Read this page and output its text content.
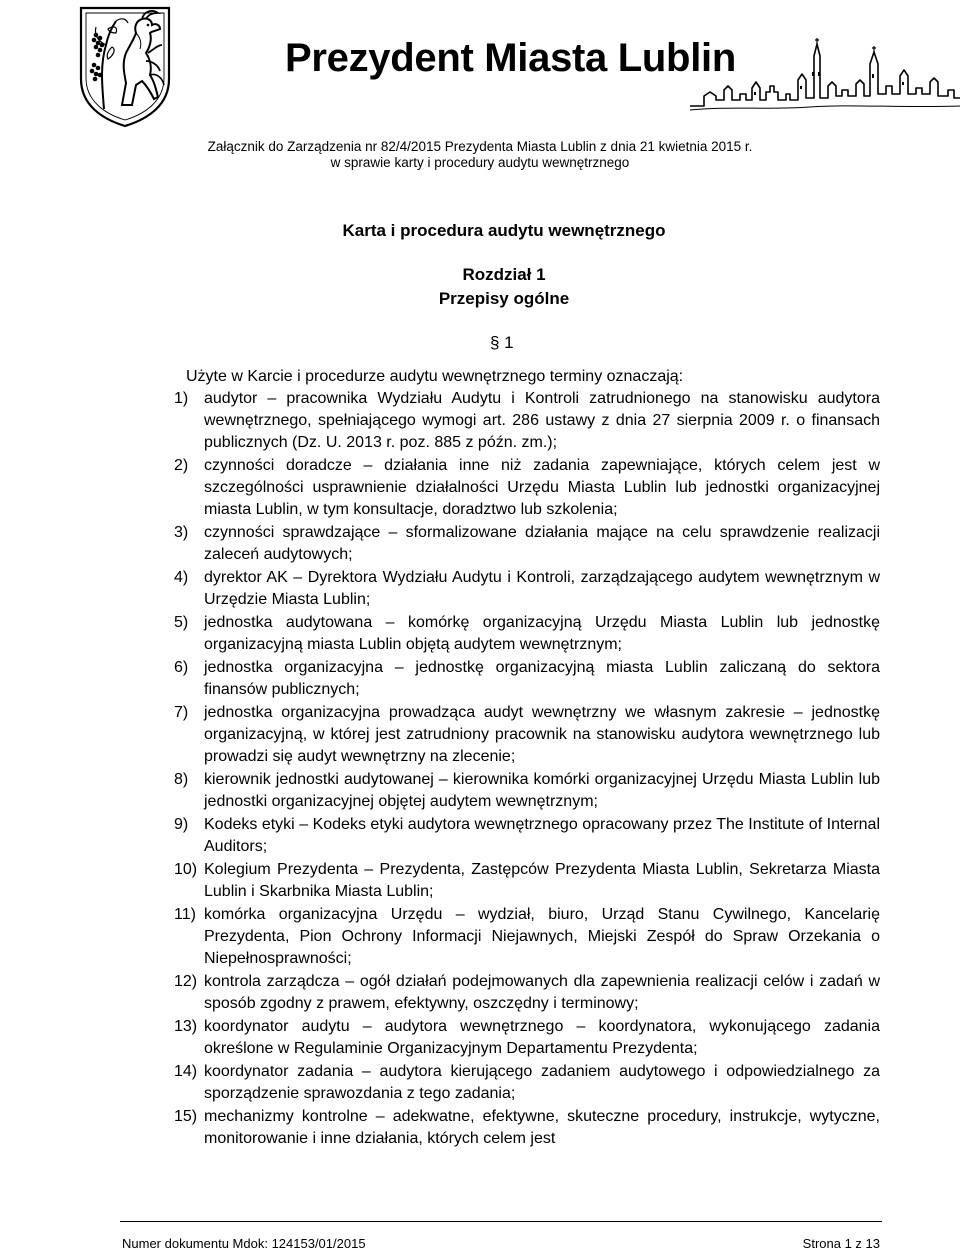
Prezydent Miasta Lublin
Załącznik do Zarządzenia nr 82/4/2015 Prezydenta Miasta Lublin z dnia 21 kwietnia 2015 r.
w sprawie karty i procedury audytu wewnętrznego
Karta i procedura audytu wewnętrznego
Rozdział 1
Przepisy ogólne
§ 1

Użyte w Karcie i procedurze audytu wewnętrznego terminy oznaczają:

1) audytor – pracownika Wydziału Audytu i Kontroli zatrudnionego na stanowisku audytora wewnętrznego, spełniającego wymogi art. 286 ustawy z dnia 27 sierpnia 2009 r. o finansach publicznych (Dz. U. 2013 r. poz. 885 z późn. zm.);
2) czynności doradcze – działania inne niż zadania zapewniające, których celem jest w szczególności usprawnienie działalności Urzędu Miasta Lublin lub jednostki organizacyjnej miasta Lublin, w tym konsultacje, doradztwo lub szkolenia;
3) czynności sprawdzające – sformalizowane działania mające na celu sprawdzenie realizacji zaleceń audytowych;
4) dyrektor AK – Dyrektora Wydziału Audytu i Kontroli, zarządzającego audytem wewnętrznym w Urzędzie Miasta Lublin;
5) jednostka audytowana – komórkę organizacyjną Urzędu Miasta Lublin lub jednostkę organizacyjną miasta Lublin objętą audytem wewnętrznym;
6) jednostka organizacyjna – jednostkę organizacyjną miasta Lublin zaliczaną do sektora finansów publicznych;
7) jednostka organizacyjna prowadząca audyt wewnętrzny we własnym zakresie – jednostkę organizacyjną, w której jest zatrudniony pracownik na stanowisku audytora wewnętrznego lub prowadzi się audyt wewnętrzny na zlecenie;
8) kierownik jednostki audytowanej – kierownika komórki organizacyjnej Urzędu Miasta Lublin lub jednostki organizacyjnej objętej audytem wewnętrznym;
9) Kodeks etyki – Kodeks etyki audytora wewnętrznego opracowany przez The Institute of Internal Auditors;
10) Kolegium Prezydenta – Prezydenta, Zastępców Prezydenta Miasta Lublin, Sekretarza Miasta Lublin i Skarbnika Miasta Lublin;
11) komórka organizacyjna Urzędu – wydział, biuro, Urząd Stanu Cywilnego, Kancelarię Prezydenta, Pion Ochrony Informacji Niejawnych, Miejski Zespół do Spraw Orzekania o Niepełnosprawności;
12) kontrola zarządcza – ogół działań podejmowanych dla zapewnienia realizacji celów i zadań w sposób zgodny z prawem, efektywny, oszczędny i terminowy;
13) koordynator audytu – audytora wewnętrznego – koordynatora, wykonującego zadania określone w Regulaminie Organizacyjnym Departamentu Prezydenta;
14) koordynator zadania – audytora kierującego zadaniem audytowego i odpowiedzialnego za sporządzenie sprawozdania z tego zadania;
15) mechanizmy kontrolne – adekwatne, efektywne, skuteczne procedury, instrukcje, wytyczne, monitorowanie i inne działania, których celem jest
Numer dokumentu Mdok: 124153/01/2015	Strona 1 z 13
